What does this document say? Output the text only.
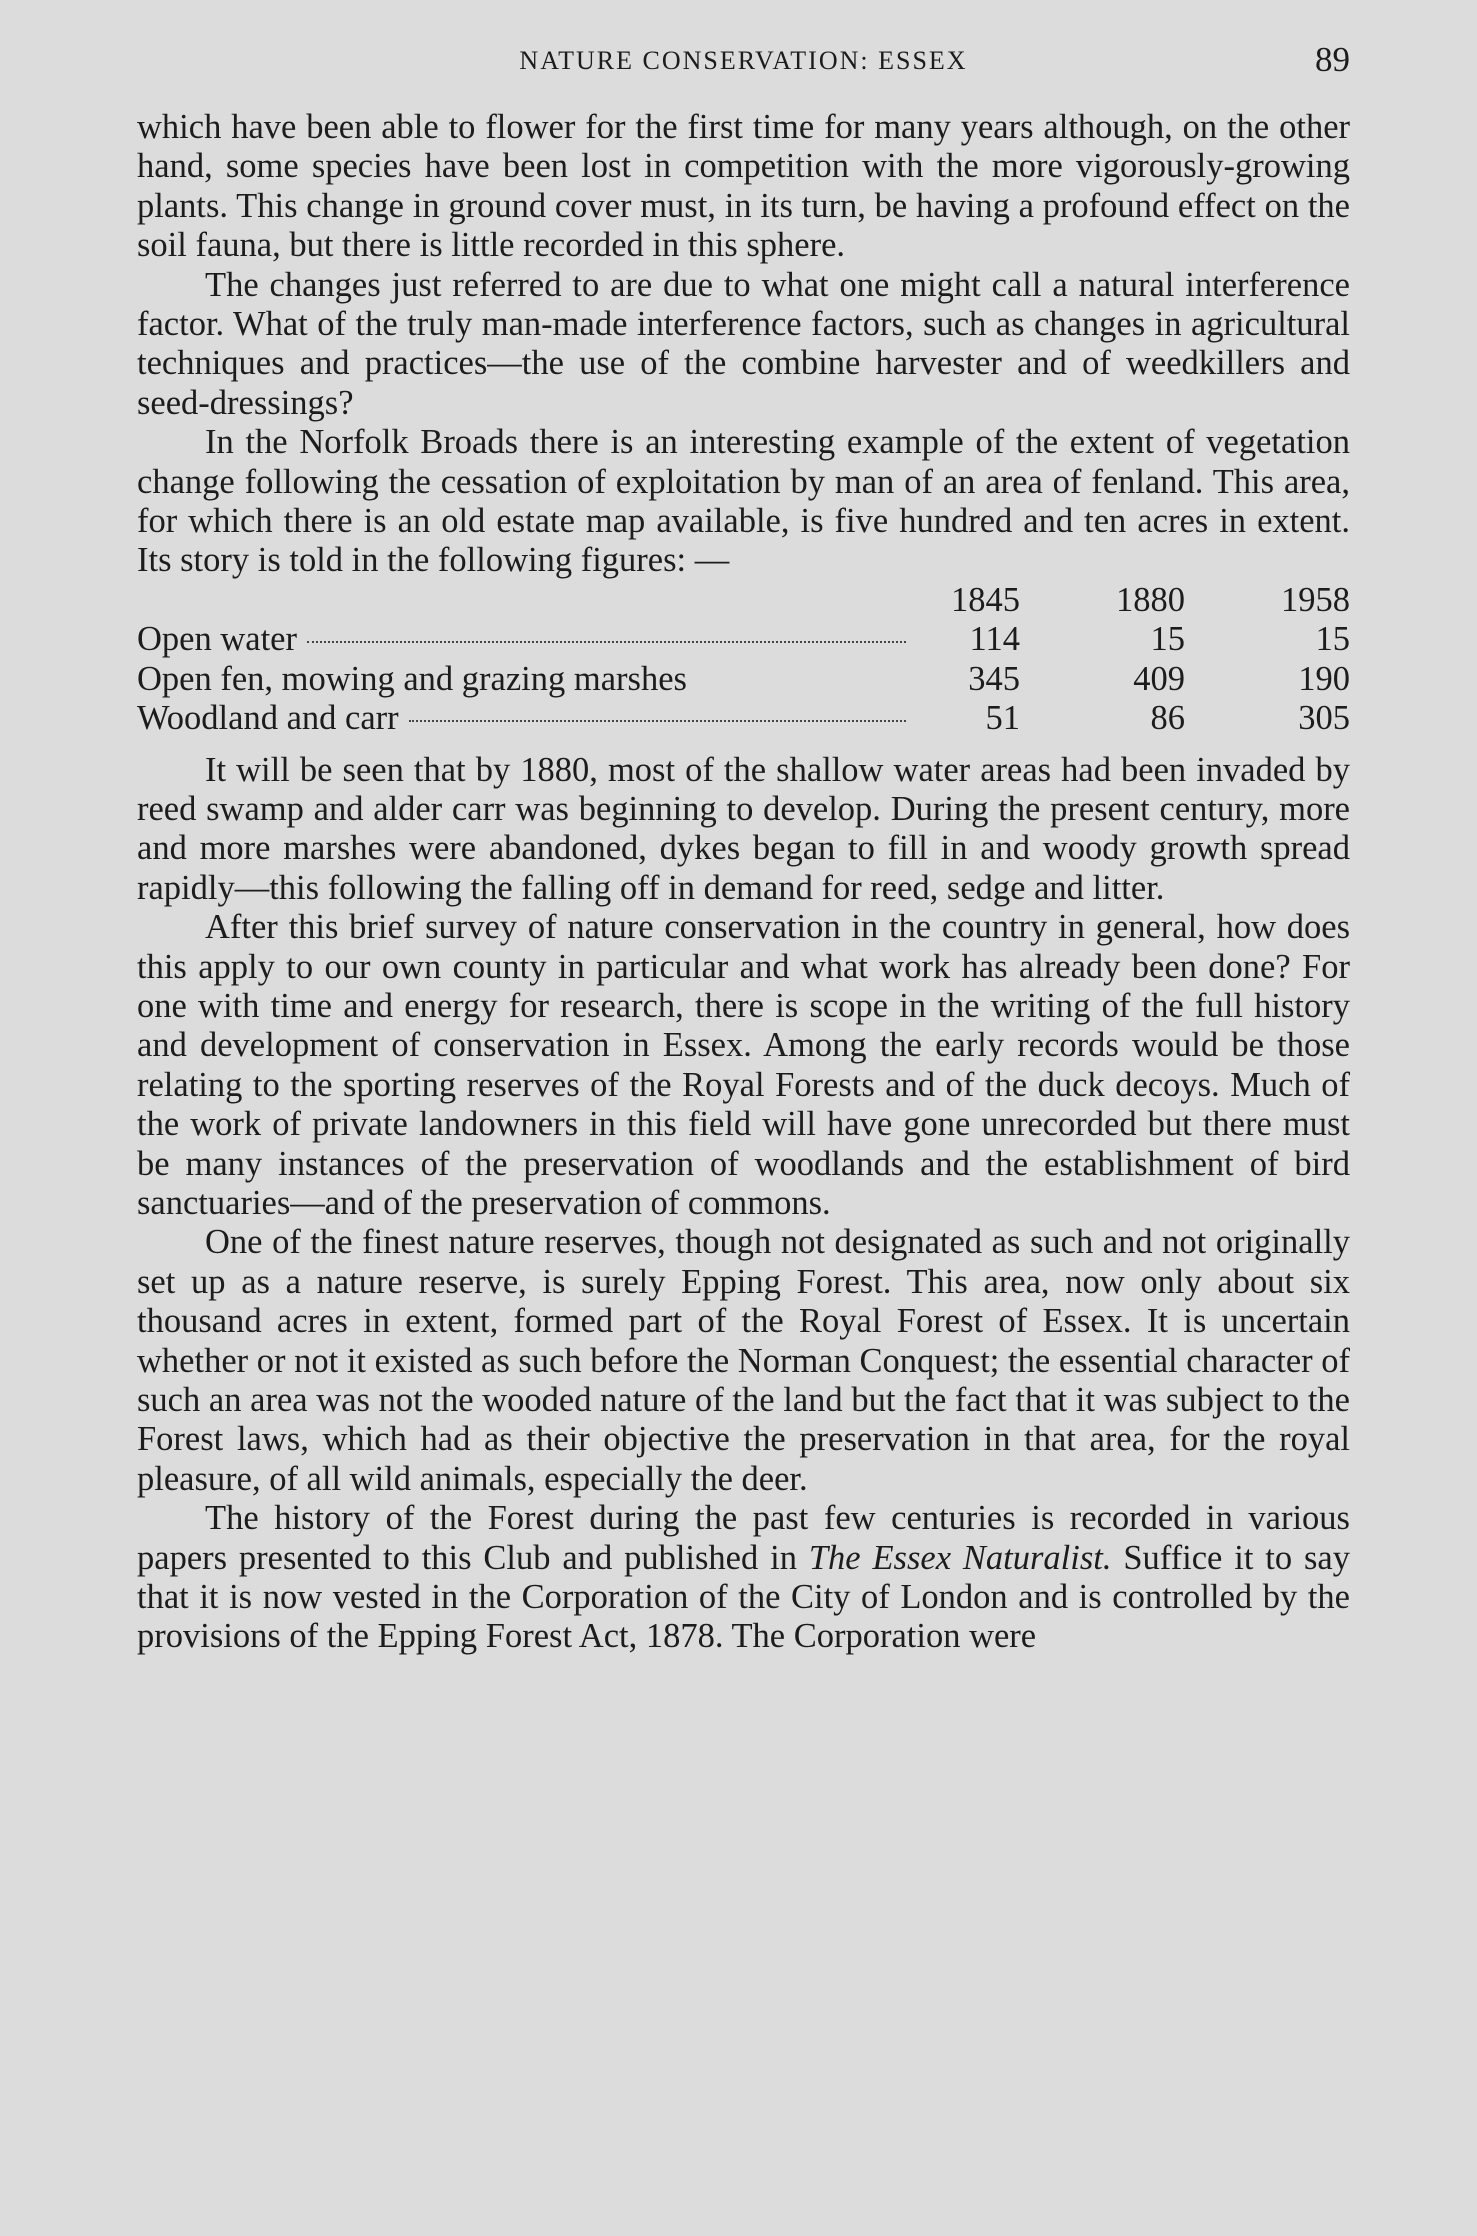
NATURE CONSERVATION: ESSEX	89

which have been able to flower for the first time for many years although, on the other hand, some species have been lost in competition with the more vigorously-growing plants. This change in ground cover must, in its turn, be having a profound effect on the soil fauna, but there is little recorded in this sphere.

The changes just referred to are due to what one might call a natural interference factor. What of the truly man-made interference factors, such as changes in agricultural techniques and practices—the use of the combine harvester and of weedkillers and seed-dressings?

In the Norfolk Broads there is an interesting example of the extent of vegetation change following the cessation of exploitation by man of an area of fenland. This area, for which there is an old estate map available, is five hundred and ten acres in extent. Its story is told in the following figures: —

	1845	1880	1958

Open water	114	15	15

Open fen, mowing and grazing marshes	345	409	190

Woodland and carr	51	86	305

It will be seen that by 1880, most of the shallow water areas had been invaded by reed swamp and alder carr was beginning to develop. During the present century, more and more marshes were abandoned, dykes began to fill in and woody growth spread rapidly—this following the falling off in demand for reed, sedge and litter.

After this brief survey of nature conservation in the country in general, how does this apply to our own county in particular and what work has already been done? For one with time and energy for research, there is scope in the writing of the full history and development of conservation in Essex. Among the early records would be those relating to the sporting reserves of the Royal Forests and of the duck decoys. Much of the work of private landowners in this field will have gone unrecorded but there must be many instances of the preservation of woodlands and the establishment of bird sanctuaries—and of the preservation of commons.

One of the finest nature reserves, though not designated as such and not originally set up as a nature reserve, is surely Epping Forest. This area, now only about six thousand acres in extent, formed part of the Royal Forest of Essex. It is uncertain whether or not it existed as such before the Norman Conquest; the essential character of such an area was not the wooded nature of the land but the fact that it was subject to the Forest laws, which had as their objective the preservation in that area, for the royal pleasure, of all wild animals, especially the deer.

The history of the Forest during the past few centuries is recorded in various papers presented to this Club and published in The Essex Naturalist. Suffice it to say that it is now vested in the Corporation of the City of London and is controlled by the provisions of the Epping Forest Act, 1878. The Corporation were
